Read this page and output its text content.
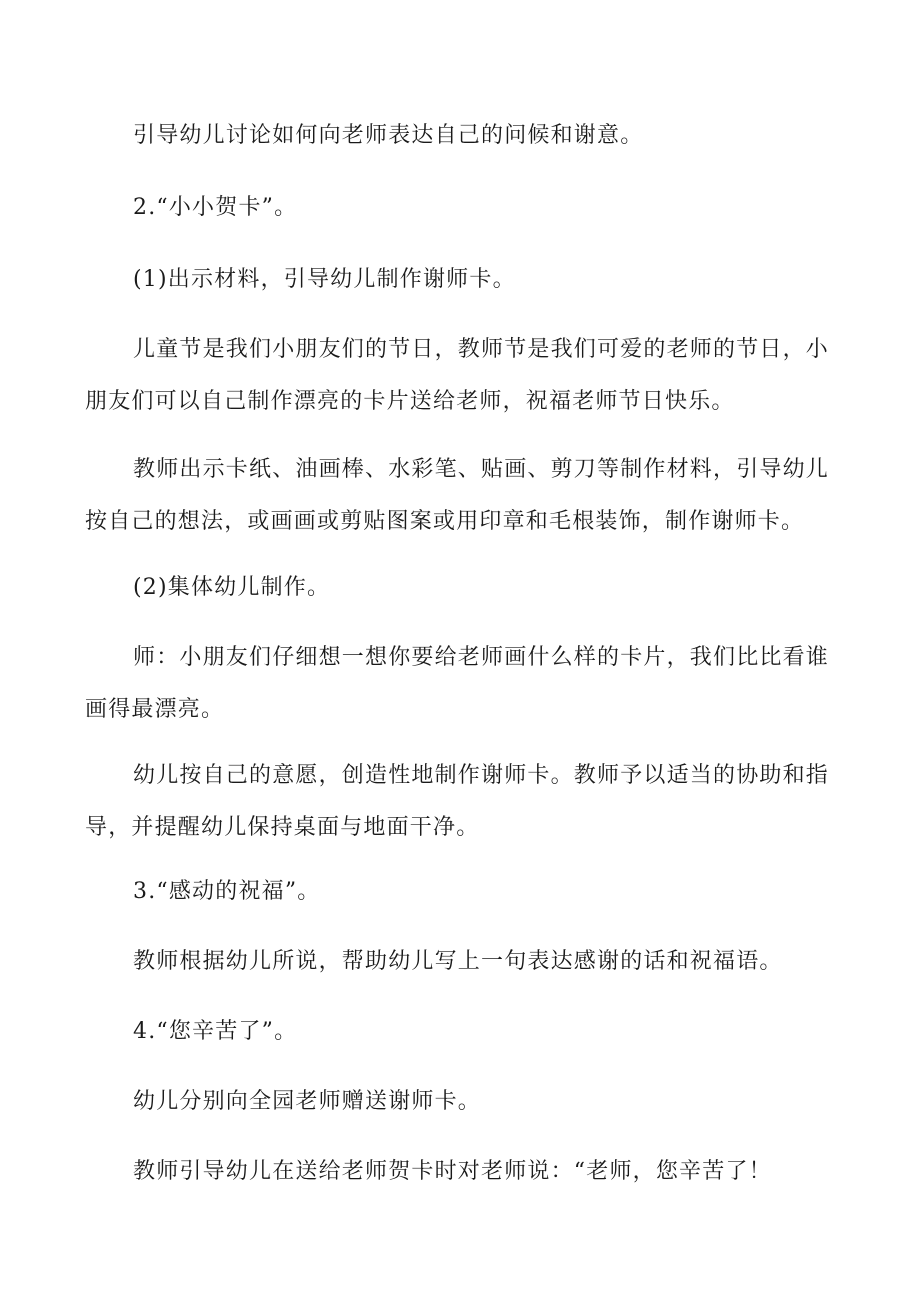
引导幼儿讨论如何向老师表达自己的问候和谢意。

2.“小小贺卡”。

(1)出示材料，引导幼儿制作谢师卡。

儿童节是我们小朋友们的节日，教师节是我们可爱的老师的节日，小朋友们可以自己制作漂亮的卡片送给老师，祝福老师节日快乐。

教师出示卡纸、油画棒、水彩笔、贴画、剪刀等制作材料，引导幼儿按自己的想法，或画画或剪贴图案或用印章和毛根装饰，制作谢师卡。

(2)集体幼儿制作。

师：小朋友们仔细想一想你要给老师画什么样的卡片，我们比比看谁画得最漂亮。

幼儿按自己的意愿，创造性地制作谢师卡。教师予以适当的协助和指导，并提醒幼儿保持桌面与地面干净。

3.“感动的祝福”。

教师根据幼儿所说，帮助幼儿写上一句表达感谢的话和祝福语。

4.“您辛苦了”。

幼儿分别向全园老师赠送谢师卡。

教师引导幼儿在送给老师贺卡时对老师说：“老师，您辛苦了！
